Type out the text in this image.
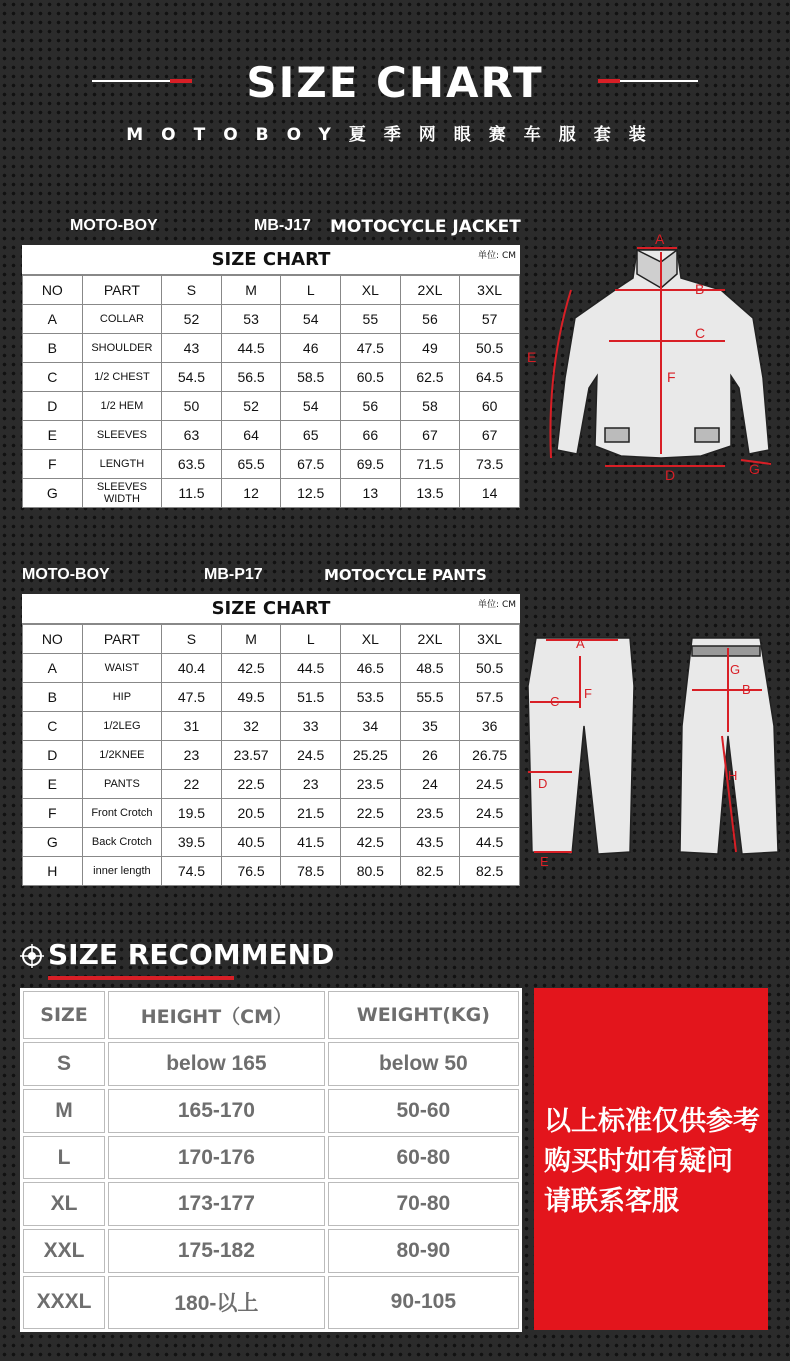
SIZE CHART
MOTOBOY夏季网眼赛车服套装
MOTO-BOY	MB-J17 MOTOCYCLE JACKET
SIZE CHART	单位: CM
NO	PART	S	M	L	XL	2XL	3XL
A	COLLAR	52	53	54	55	56	57
B	SHOULDER	43	44.5	46	47.5	49	50.5
C	1/2 CHEST	54.5	56.5	58.5	60.5	62.5	64.5
D	1/2 HEM	50	52	54	56	58	60
E	SLEEVES	63	64	65	66	67	67
F	LENGTH	63.5	65.5	67.5	69.5	71.5	73.5
G	SLEEVES WIDTH	11.5	12	12.5	13	13.5	14
A
B
C
D
E
F
G
MOTO-BOY	MB-P17	MOTOCYCLE PANTS
SIZE CHART	单位: CM
NO	PART	S	M	L	XL	2XL	3XL
A	WAIST	40.4	42.5	44.5	46.5	48.5	50.5
B	HIP	47.5	49.5	51.5	53.5	55.5	57.5
C	1/2LEG	31	32	33	34	35	36
D	1/2KNEE	23	23.57	24.5	25.25	26	26.75
E	PANTS	22	22.5	23	23.5	24	24.5
F	Front Crotch	19.5	20.5	21.5	22.5	23.5	24.5
G	Back Crotch	39.5	40.5	41.5	42.5	43.5	44.5
H	inner length	74.5	76.5	78.5	80.5	82.5	82.5
A
B
C
D
E
F
G
H
SIZE RECOMMEND
SIZE	HEIGHT（CM）	WEIGHT(KG)
S	below 165	below 50
M	165-170	50-60
L	170-176	60-80
XL	173-177	70-80
XXL	175-182	80-90
XXXL	180-以上	90-105
以上标准仅供参考
购买时如有疑问
请联系客服
